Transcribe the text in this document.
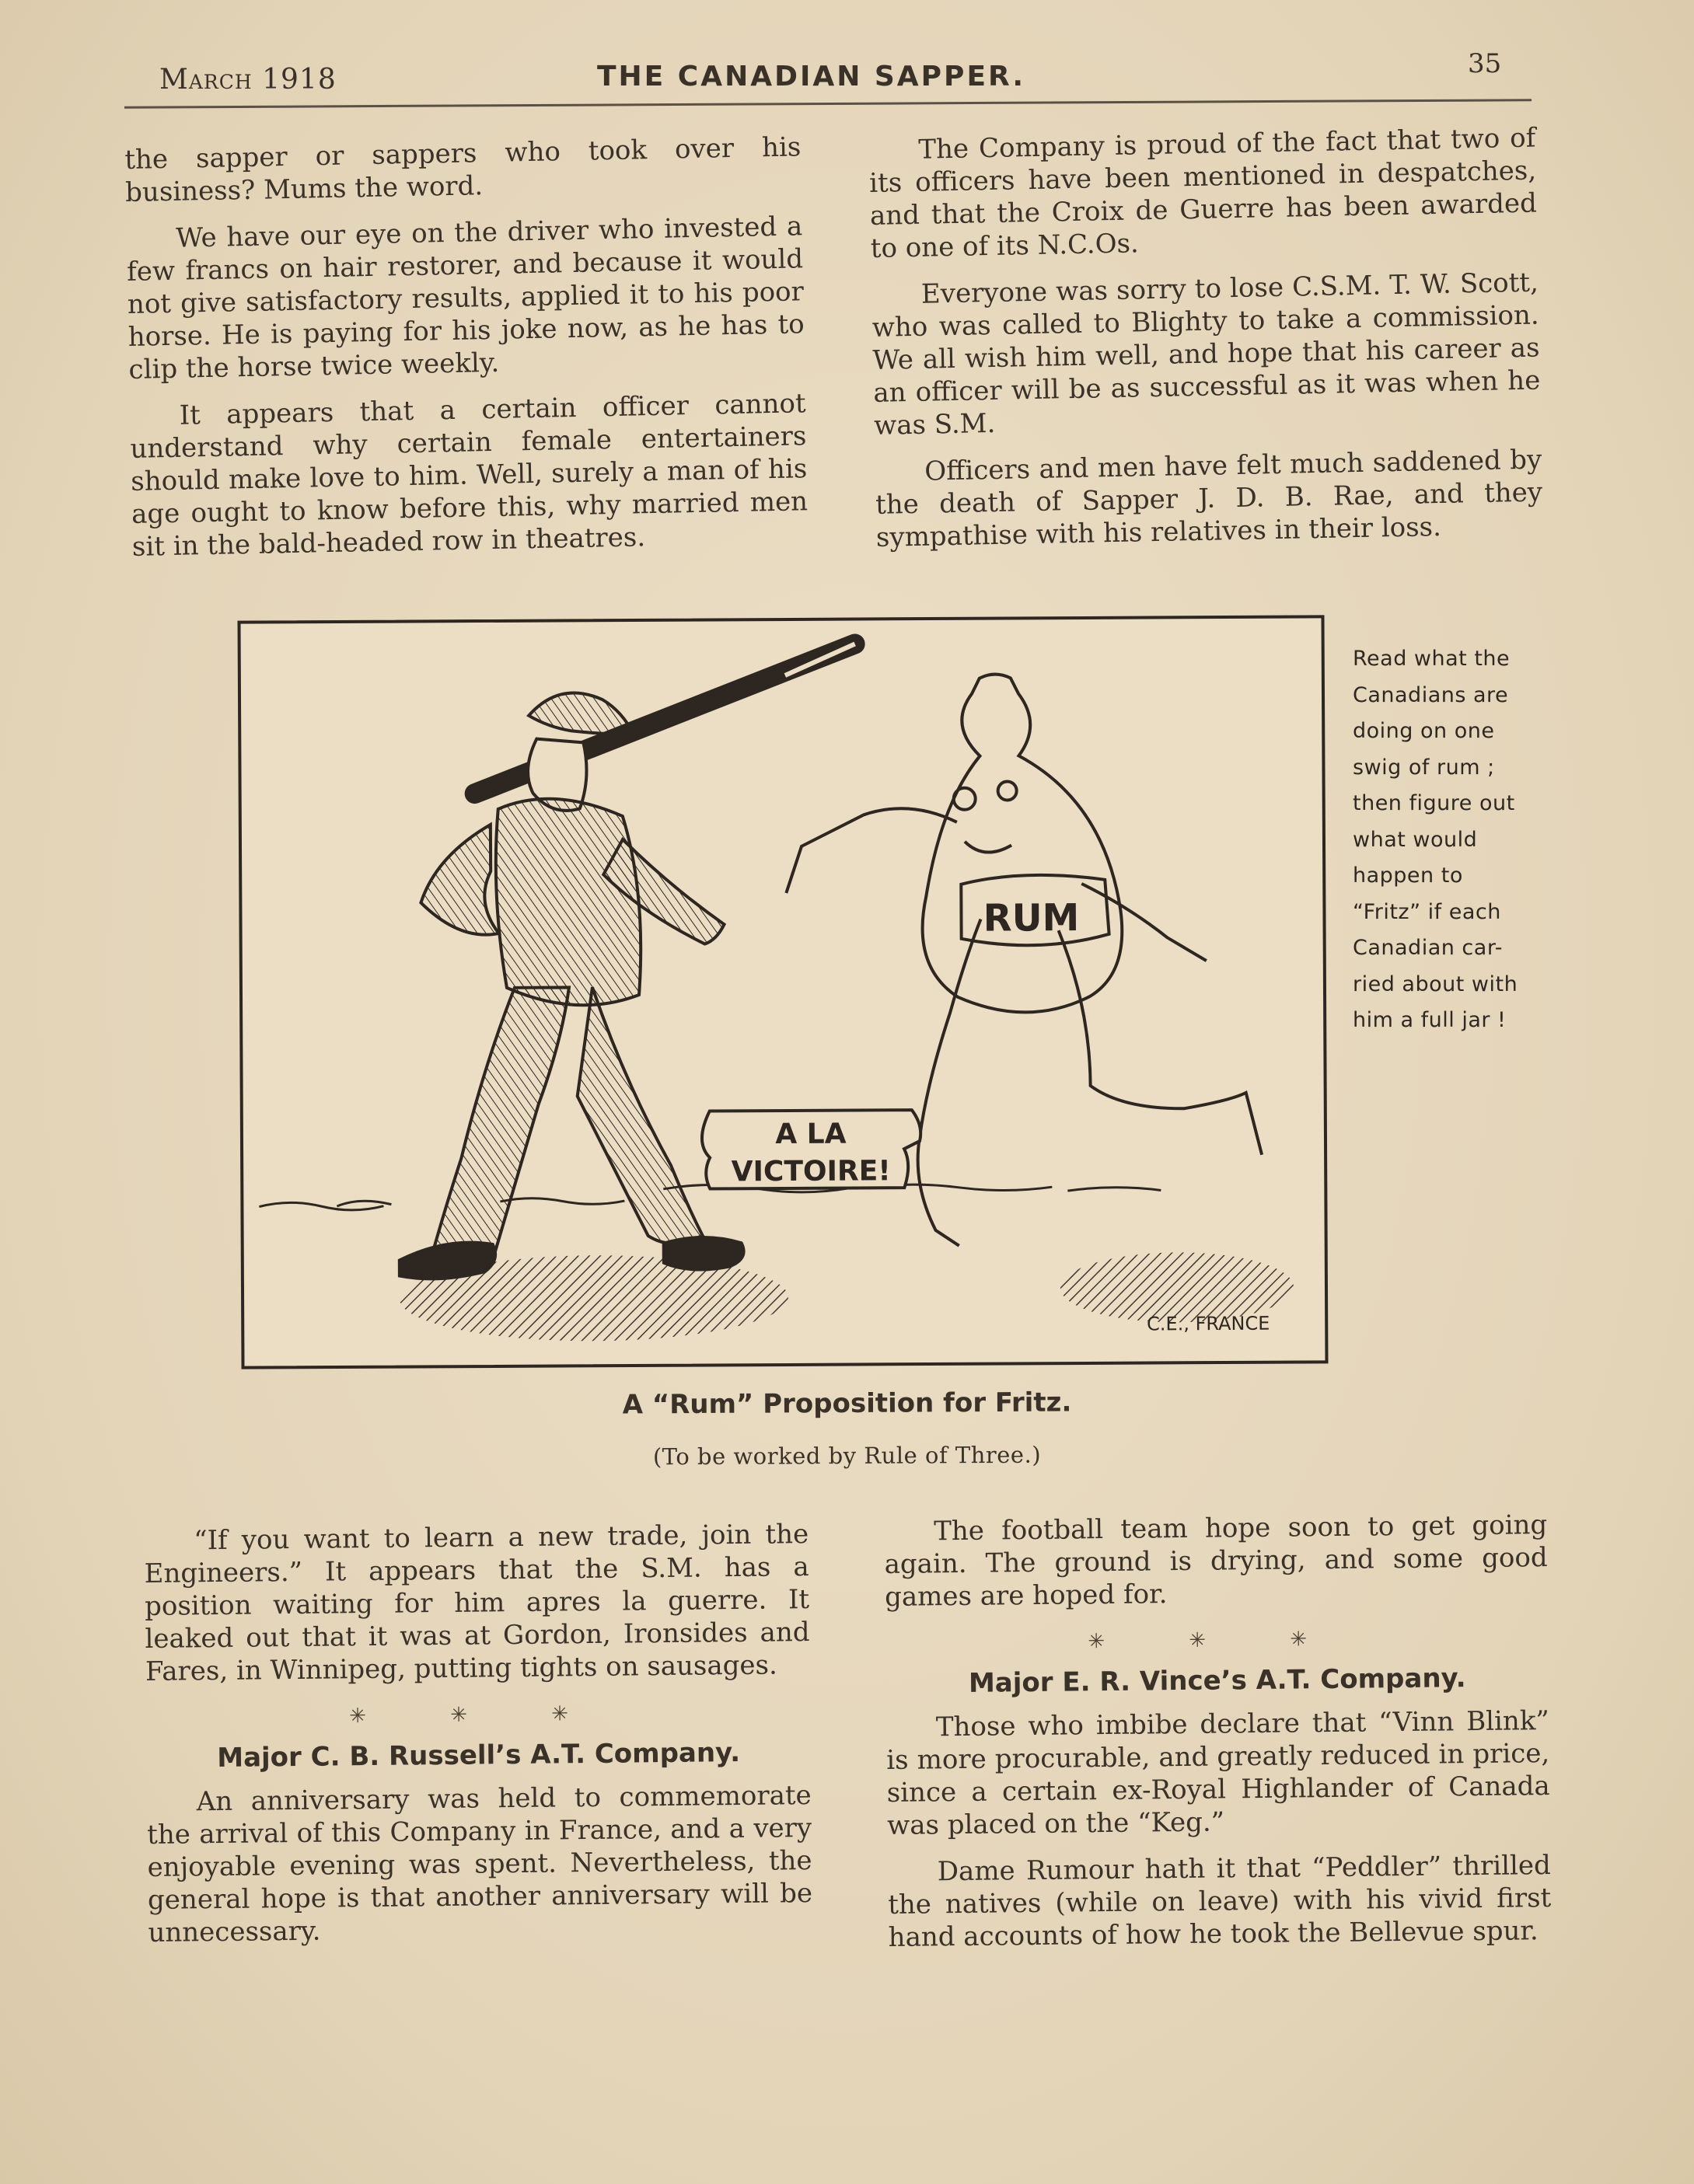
March 1918	THE CANADIAN SAPPER.	35

the sapper or sappers who took over his business? Mums the word.

We have our eye on the driver who invested a few francs on hair restorer, and because it would not give satisfactory results, applied it to his poor horse. He is paying for his joke now, as he has to clip the horse twice weekly.

It appears that a certain officer cannot understand why certain female entertainers should make love to him. Well, surely a man of his age ought to know before this, why married men sit in the bald-headed row in theatres.

The Company is proud of the fact that two of its officers have been mentioned in despatches, and that the Croix de Guerre has been awarded to one of its N.C.Os.

Everyone was sorry to lose C.S.M. T. W. Scott, who was called to Blighty to take a commission. We all wish him well, and hope that his career as an officer will be as successful as it was when he was S.M.

Officers and men have felt much saddened by the death of Sapper J. D. B. Rae, and they sympathise with his relatives in their loss.

RUM
A LA
VICTOIRE!
C.E., FRANCE
Read what the
Canadians are
doing on one
swig of rum ;
then figure out
what would
happen to
“Fritz” if each
Canadian car-
ried about with
him a full jar !
A “Rum” Proposition for Fritz.
(To be worked by Rule of Three.)

“If you want to learn a new trade, join the Engineers.” It appears that the S.M. has a position waiting for him apres la guerre. It leaked out that it was at Gordon, Ironsides and Fares, in Winnipeg, putting tights on sausages.

✳ ✳ ✳
Major C. B. Russell’s A.T. Company.

An anniversary was held to commemorate the arrival of this Company in France, and a very enjoyable evening was spent. Nevertheless, the general hope is that another anniversary will be unnecessary.

The football team hope soon to get going again. The ground is drying, and some good games are hoped for.

✳ ✳ ✳
Major E. R. Vince’s A.T. Company.

Those who imbibe declare that “Vinn Blink” is more procurable, and greatly reduced in price, since a certain ex-Royal Highlander of Canada was placed on the “Keg.”

Dame Rumour hath it that “Peddler” thrilled the natives (while on leave) with his vivid first hand accounts of how he took the Bellevue spur.
